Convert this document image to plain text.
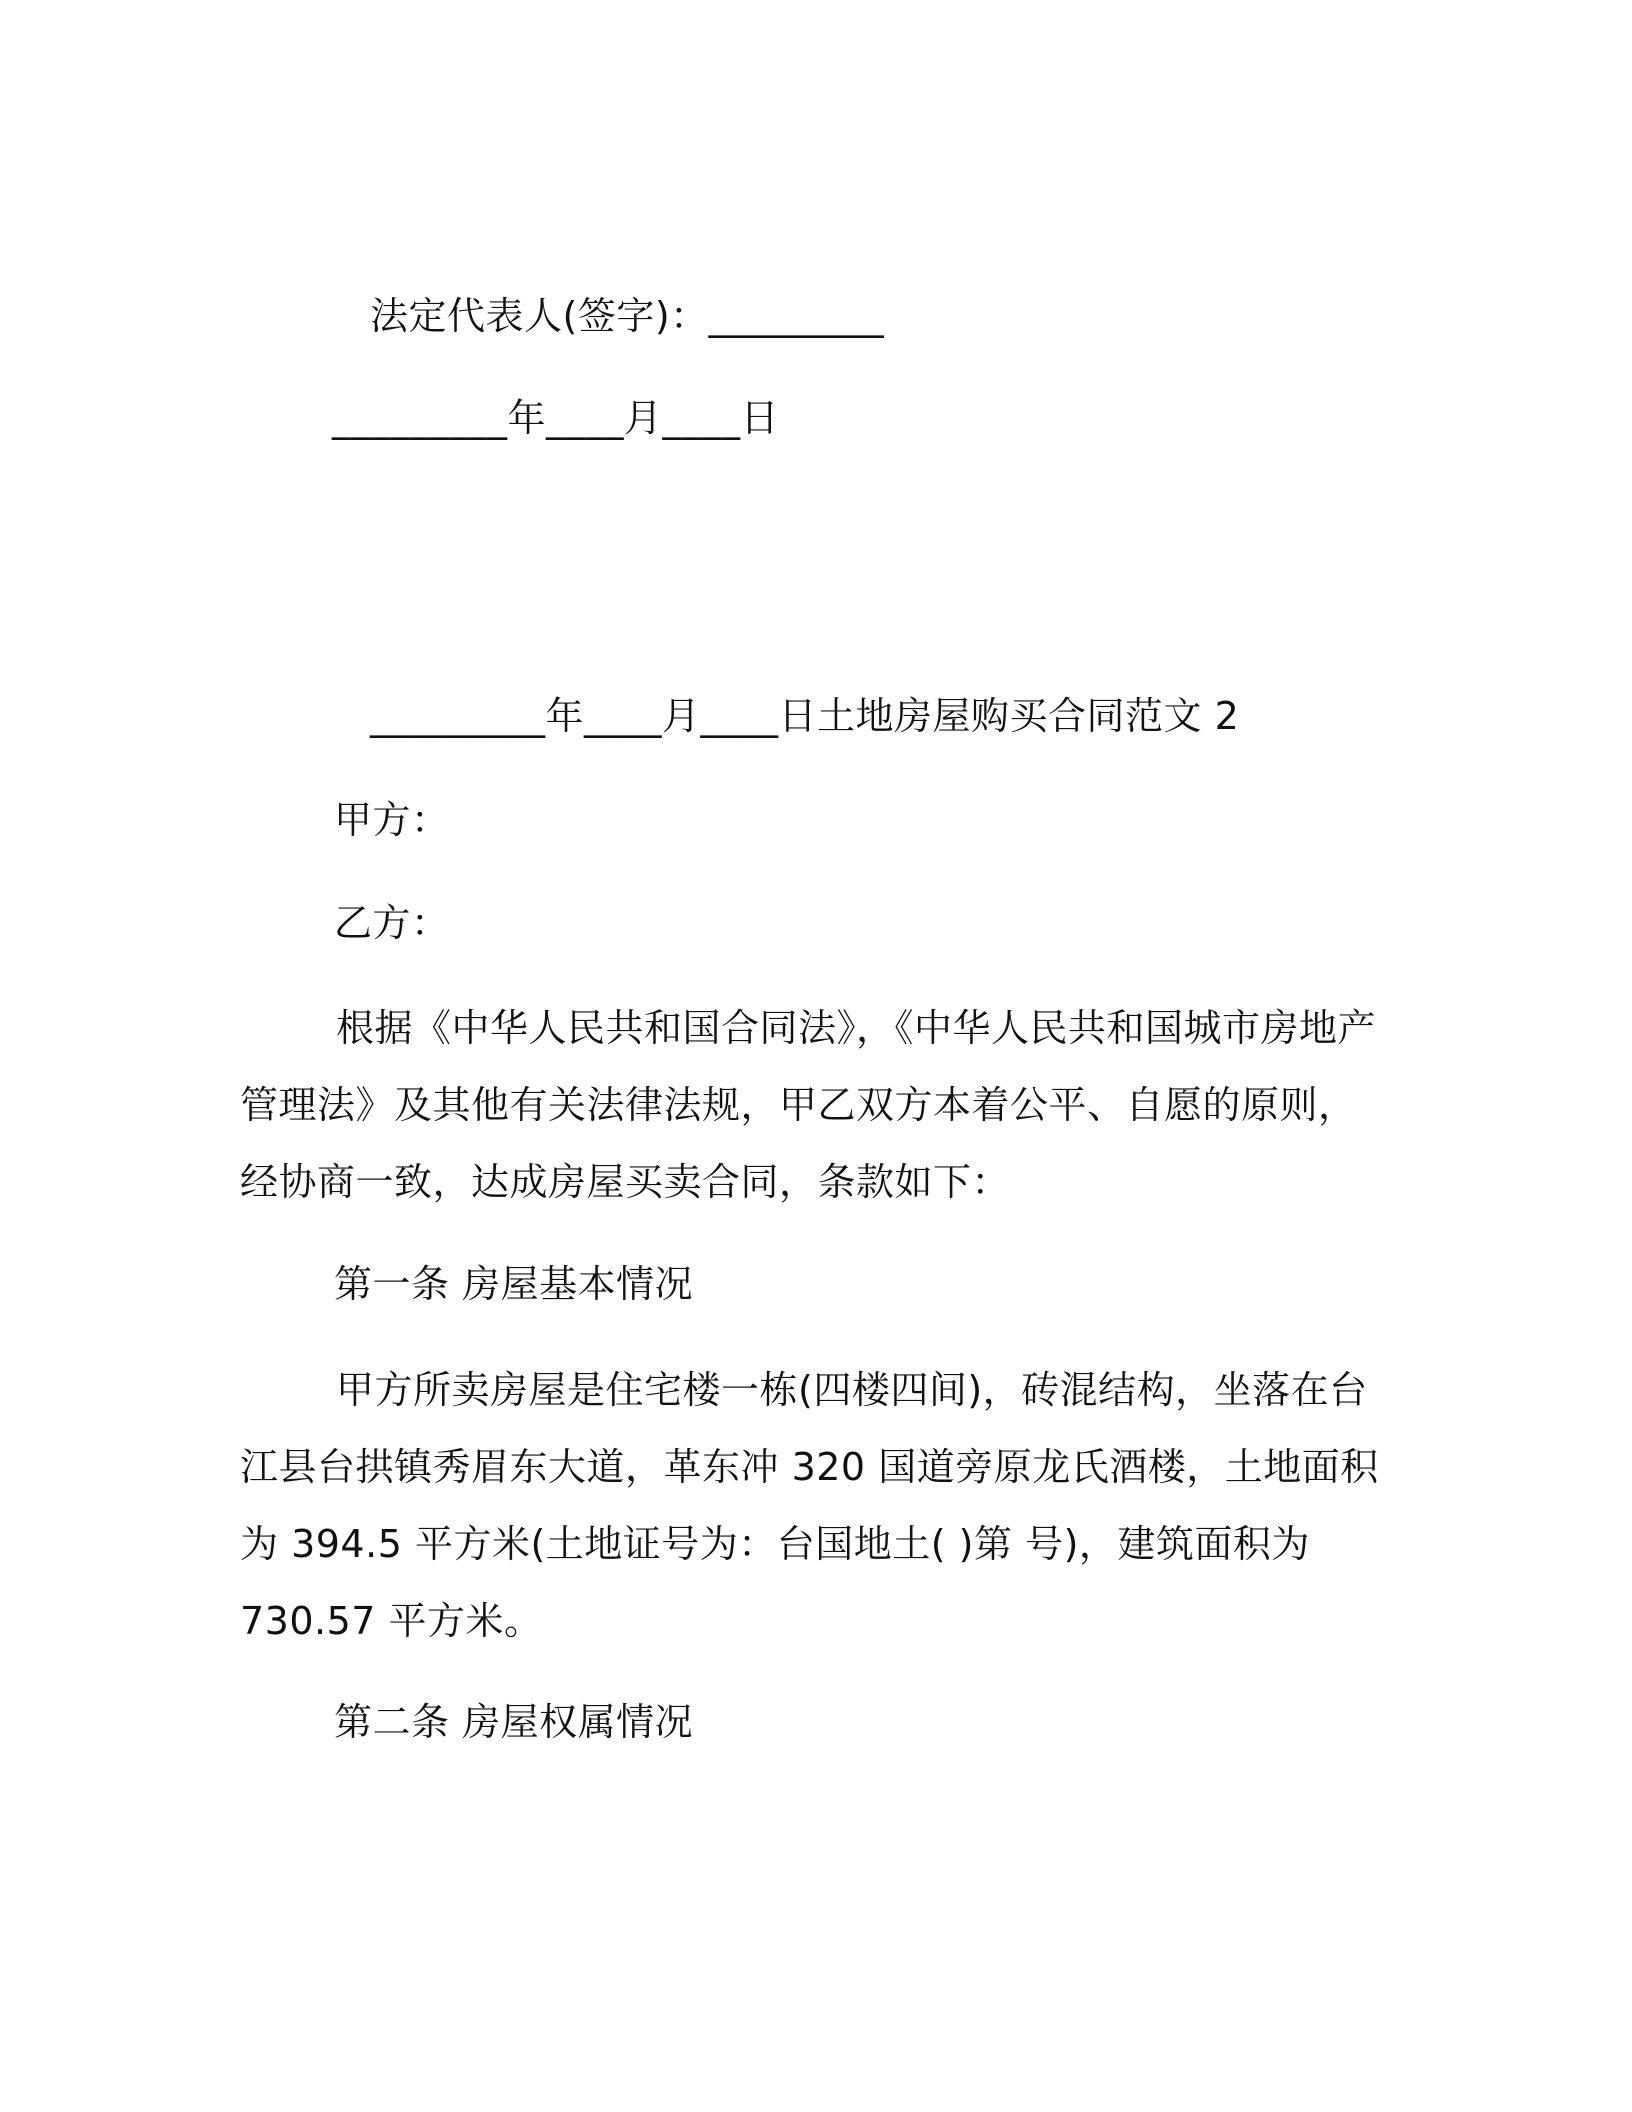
法定代表人(签字)：_________
_________年____月____日
_________年____月____日土地房屋购买合同范文 2
甲方：
乙方：
根据《中华人民共和国合同法》，《中华人民共和国城市房地产管理法》及其他有关法律法规，甲乙双方本着公平、自愿的原则，经协商一致，达成房屋买卖合同，条款如下：
第一条 房屋基本情况
甲方所卖房屋是住宅楼一栋(四楼四间)，砖混结构，坐落在台江县台拱镇秀眉东大道，革东冲 320 国道旁原龙氏酒楼，土地面积为 394.5 平方米(土地证号为：台国地土( )第 号)，建筑面积为 730.57 平方米。
第二条 房屋权属情况
